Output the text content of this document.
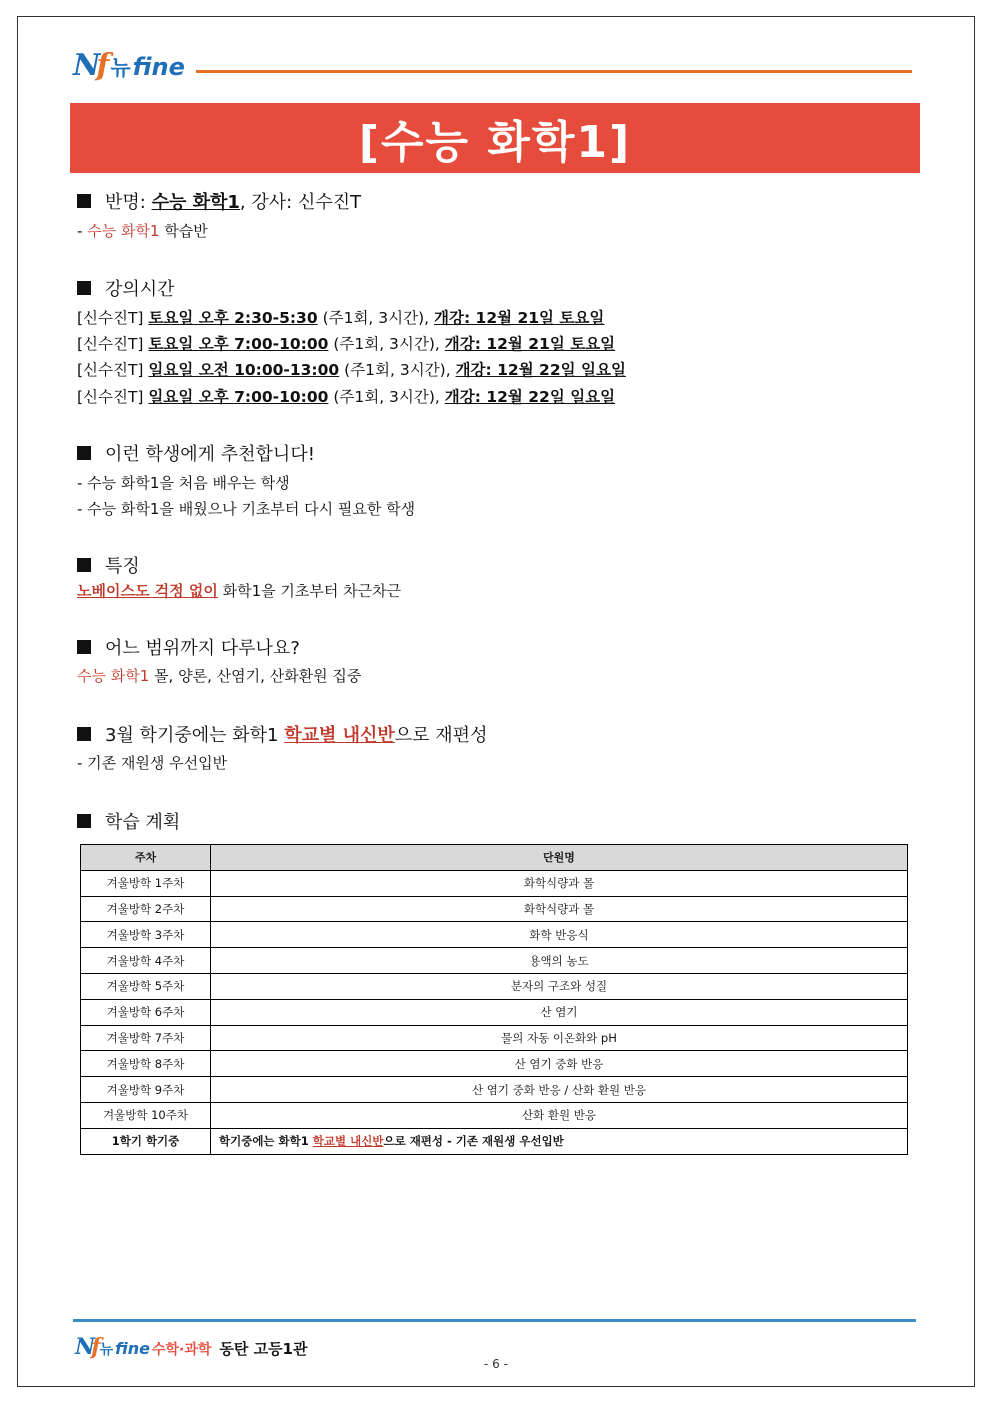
Nf 뉴 fine
[수능 화학1]
반명:
수능 화학1 , 강사:
신수진T
- 수능 화학1 학습반
강의시간
[신수진T] 토요일 오후 2:30-5:30 (주1회, 3시간), 개강: 12월 21일 토요일
[신수진T] 토요일 오후 7:00-10:00 (주1회, 3시간), 개강: 12월 21일 토요일
[신수진T] 일요일 오전 10:00-13:00 (주1회, 3시간), 개강: 12월 22일 일요일
[신수진T] 일요일 오후 7:00-10:00 (주1회, 3시간), 개강: 12월 22일 일요일
이런 학생에게 추천합니다!
- 수능 화학1을 처음 배우는 학생
- 수능 화학1을 배웠으나 기초부터 다시 필요한 학생
특징
노베이스도 걱정 없이 화학1을 기초부터 차근차근
어느 범위까지 다루나요?
수능 화학1 몰, 양론, 산염기, 산화환원 집중
3월 학기중에는 화학1
학교별 내신반 으로 재편성
- 기존 재원생 우선입반
학습 계획
주차	단원명
겨울방학 1주차	화학식량과 몰
겨울방학 2주차	화학식량과 몰
겨울방학 3주차	화학 반응식
겨울방학 4주차	용액의 농도
겨울방학 5주차	분자의 구조와 성질
겨울방학 6주차	산 염기
겨울방학 7주차	물의 자동 이온화와 pH
겨울방학 8주차	산 염기 중화 반응
겨울방학 9주차	산 염기 중화 반응 / 산화 환원 반응
겨울방학 10주차	산화 환원 반응
1학기 학기중	학기중에는 화학1 학교별 내신반으로 재편성 - 기존 재원생 우선입반
Nf 뉴 fine 수학·과학 동탄 고등1관
- 6 -
